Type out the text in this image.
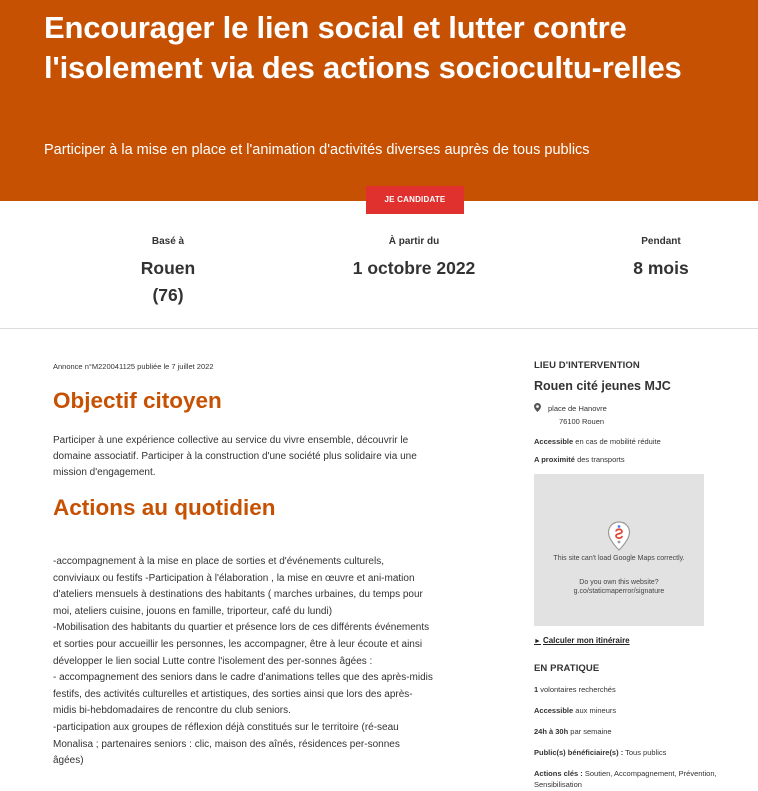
Encourager le lien social et lutter contre l'isolement via des actions sociocultu-relles

Participer à la mise en place et l'animation d'activités diverses auprès de tous publics

JE CANDIDATE
Basé à
Rouen
(76)
À partir du
1 octobre 2022
Pendant
8 mois
Annonce n°M220041125 publiée le 7 juillet 2022
Objectif citoyen

Participer à une expérience collective au service du vivre ensemble, découvrir le domaine associatif. Participer à la construction d'une société plus solidaire via une mission d'engagement.

Actions au quotidien

-accompagnement à la mise en place de sorties et d'événements culturels, conviviaux ou festifs -Participation à l'élaboration , la mise en œuvre et ani-mation d'ateliers mensuels à destinations des habitants ( marches urbaines, du temps pour moi, ateliers cuisine, jouons en famille, triporteur, café du lundi)
-Mobilisation des habitants du quartier et présence lors de ces différents événements et sorties pour accueillir les personnes, les accompagner, être à leur écoute et ainsi développer le lien social Lutte contre l'isolement des per-sonnes âgées :
- accompagnement des seniors dans le cadre d'animations telles que des après-midis festifs, des activités culturelles et artistiques, des sorties ainsi que lors des après-midis bi-hebdomadaires de rencontre du club seniors.
-participation aux groupes de réflexion déjà constitués sur le territoire (ré-seau Monalisa ; partenaires seniors : clic, maison des aînés, résidences per-sonnes âgées)

LIEU D'INTERVENTION
Rouen cité jeunes MJC
place de Hanovre
76100 Rouen
Accessible en cas de mobilité réduite
A proximité des transports
This site can't load Google Maps correctly.
Do you own this website?
g.co/staticmaperror/signature
► Calculer mon itinéraire
EN PRATIQUE
1 volontaires recherchés
Accessible aux mineurs
24h à 30h par semaine
Public(s) bénéficiaire(s) : Tous publics
Actions clés : Soutien, Accompagnement, Prévention, Sensibilisation
